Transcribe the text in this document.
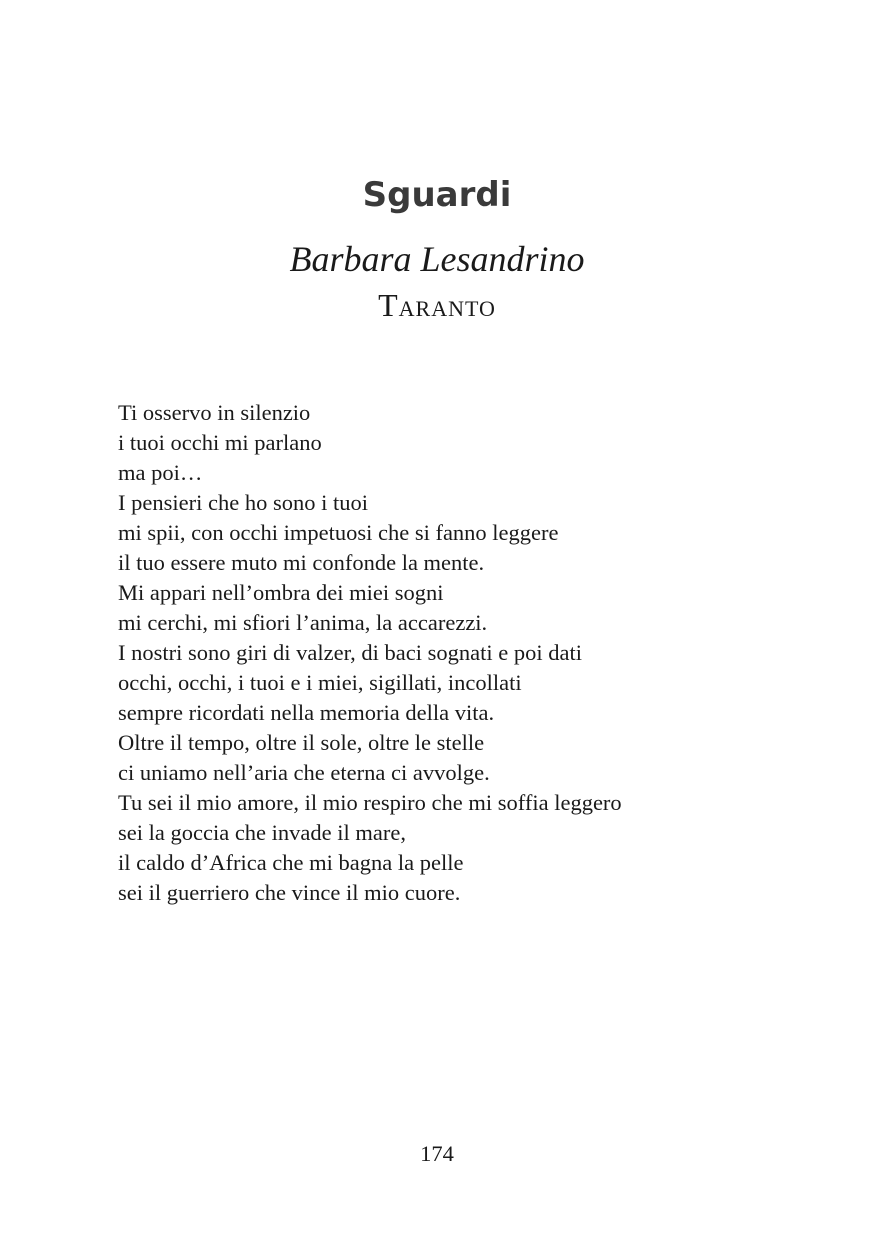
Sguardi
Barbara Lesandrino
Taranto
Ti osservo in silenzio
i tuoi occhi mi parlano
ma poi…
I pensieri che ho sono i tuoi
mi spii, con occhi impetuosi che si fanno leggere
il tuo essere muto mi confonde la mente.
Mi appari nell’ombra dei miei sogni
mi cerchi, mi sfiori l’anima, la accarezzi.
I nostri sono giri di valzer, di baci sognati e poi dati
occhi, occhi, i tuoi e i miei, sigillati, incollati
sempre ricordati nella memoria della vita.
Oltre il tempo, oltre il sole, oltre le stelle
ci uniamo nell’aria che eterna ci avvolge.
Tu sei il mio amore, il mio respiro che mi soffia leggero
sei la goccia che invade il mare,
il caldo d’Africa che mi bagna la pelle
sei il guerriero che vince il mio cuore.
174
